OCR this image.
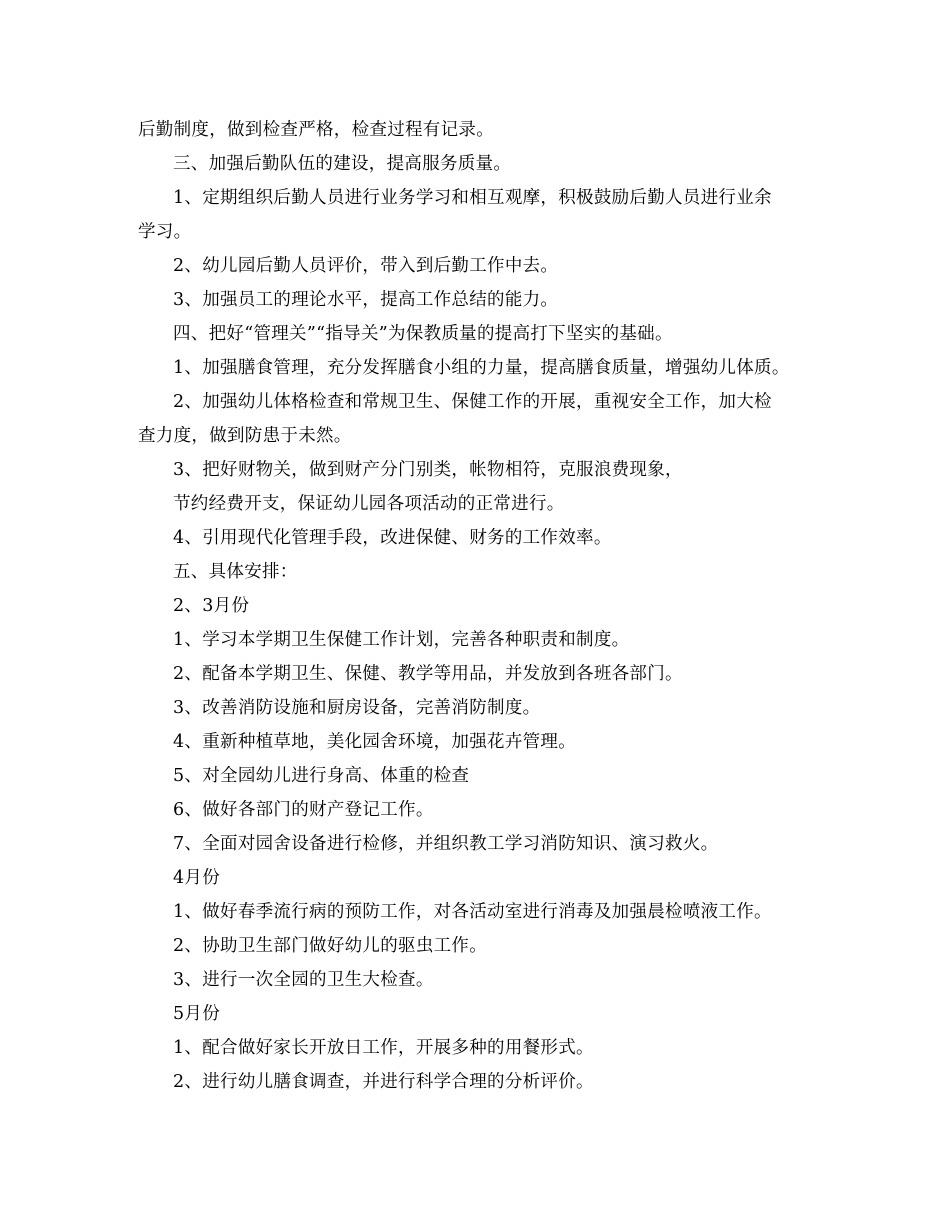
后勤制度，做到检查严格，检查过程有记录。
三、加强后勤队伍的建设，提高服务质量。
1、定期组织后勤人员进行业务学习和相互观摩，积极鼓励后勤人员进行业余
学习。
2、幼儿园后勤人员评价，带入到后勤工作中去。
3、加强员工的理论水平，提高工作总结的能力。
四、把好“管理关”“指导关”为保教质量的提高打下坚实的基础。
1、加强膳食管理，充分发挥膳食小组的力量，提高膳食质量，增强幼儿体质。
2、加强幼儿体格检查和常规卫生、保健工作的开展，重视安全工作，加大检
查力度，做到防患于未然。
3、把好财物关，做到财产分门别类，帐物相符，克服浪费现象，
节约经费开支，保证幼儿园各项活动的正常进行。
4、引用现代化管理手段，改进保健、财务的工作效率。
五、具体安排：
2、3月份
1、学习本学期卫生保健工作计划，完善各种职责和制度。
2、配备本学期卫生、保健、教学等用品，并发放到各班各部门。
3、改善消防设施和厨房设备，完善消防制度。
4、重新种植草地，美化园舍环境，加强花卉管理。
5、对全园幼儿进行身高、体重的检查
6、做好各部门的财产登记工作。
7、全面对园舍设备进行检修，并组织教工学习消防知识、演习救火。
4月份
1、做好春季流行病的预防工作，对各活动室进行消毒及加强晨检喷液工作。
2、协助卫生部门做好幼儿的驱虫工作。
3、进行一次全园的卫生大检查。
5月份
1、配合做好家长开放日工作，开展多种的用餐形式。
2、进行幼儿膳食调查，并进行科学合理的分析评价。
